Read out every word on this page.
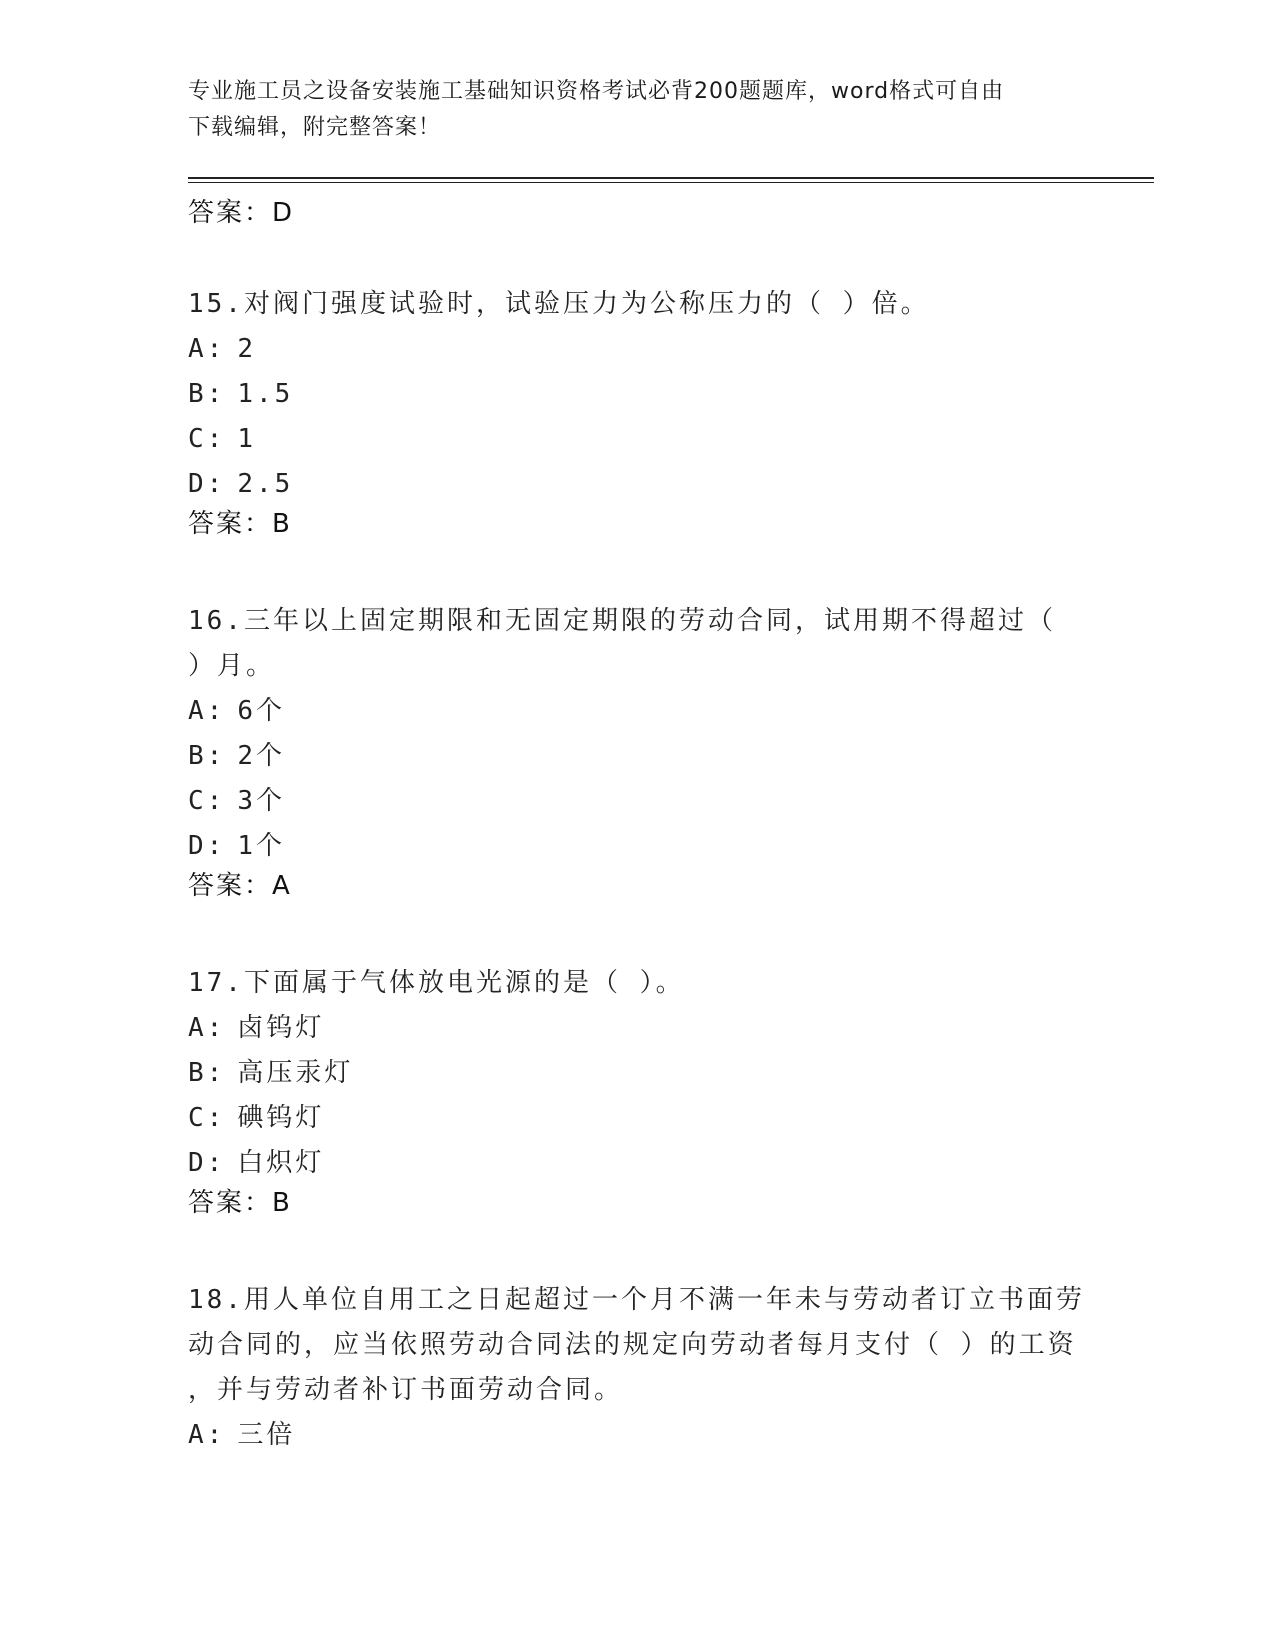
专业施工员之设备安装施工基础知识资格考试必背200题题库，word格式可自由
下载编辑，附完整答案！
答案：D

15.对阀门强度试验时，试验压力为公称压力的（ ）倍。

A: 2
B: 1.5
C: 1
D: 2.5
答案：B

16.三年以上固定期限和无固定期限的劳动合同，试用期不得超过（

）月。

A: 6个
B: 2个
C: 3个
D: 1个
答案：A

17.下面属于气体放电光源的是（ ）。

A: 卤钨灯
B: 高压汞灯
C: 碘钨灯
D: 白炽灯
答案：B

18.用人单位自用工之日起超过一个月不满一年未与劳动者订立书面劳

动合同的，应当依照劳动合同法的规定向劳动者每月支付（ ）的工资

，并与劳动者补订书面劳动合同。

A: 三倍
